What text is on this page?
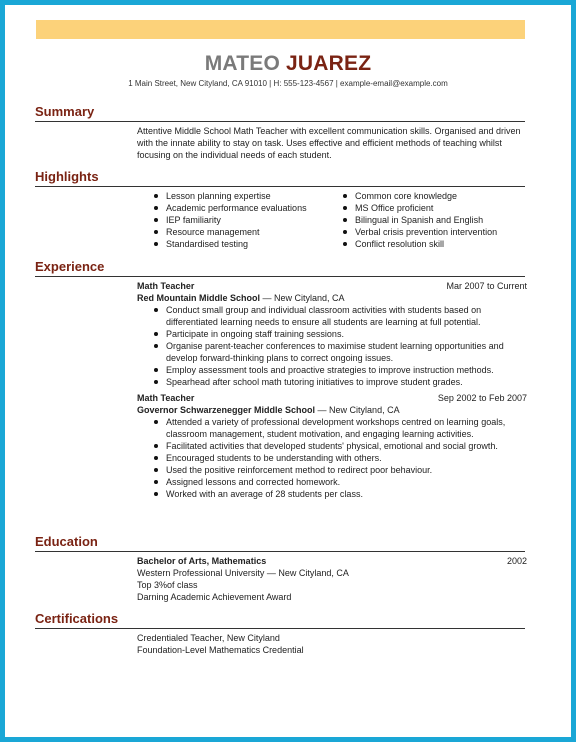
MATEO JUAREZ
1 Main Street, New Cityland, CA 91010 | H: 555-123-4567 | example-email@example.com
Summary

Attentive Middle School Math Teacher with excellent communication skills. Organised and driven with the innate ability to stay on task. Uses effective and efficient methods of teaching whilst focusing on the individual needs of each student.

Highlights
Lesson planning expertise
Academic performance evaluations
IEP familiarity
Resource management
Standardised testing
Common core knowledge
MS Office proficient
Bilingual in Spanish and English
Verbal crisis prevention intervention
Conflict resolution skill
Experience
Math Teacher	Mar 2007 to Current
Red Mountain Middle School — New Cityland, CA
Conduct small group and individual classroom activities with students based on differentiated learning needs to ensure all students are learning at full potential.
Participate in ongoing staff training sessions.
Organise parent-teacher conferences to maximise student learning opportunities and develop forward-thinking plans to correct ongoing issues.
Employ assessment tools and proactive strategies to improve instruction methods.
Spearhead after school math tutoring initiatives to improve student grades.
Math Teacher	Sep 2002 to Feb 2007
Governor Schwarzenegger Middle School — New Cityland, CA
Attended a variety of professional development workshops centred on learning goals, classroom management, student motivation, and engaging learning activities.
Facilitated activities that developed students' physical, emotional and social growth.
Encouraged students to be understanding with others.
Used the positive reinforcement method to redirect poor behaviour.
Assigned lessons and corrected homework.
Worked with an average of 28 students per class.
Education
Bachelor of Arts, Mathematics	2002
Western Professional University — New Cityland, CA
Top 3%of class
Darning Academic Achievement Award
Certifications
Credentialed Teacher, New Cityland
Foundation-Level Mathematics Credential
